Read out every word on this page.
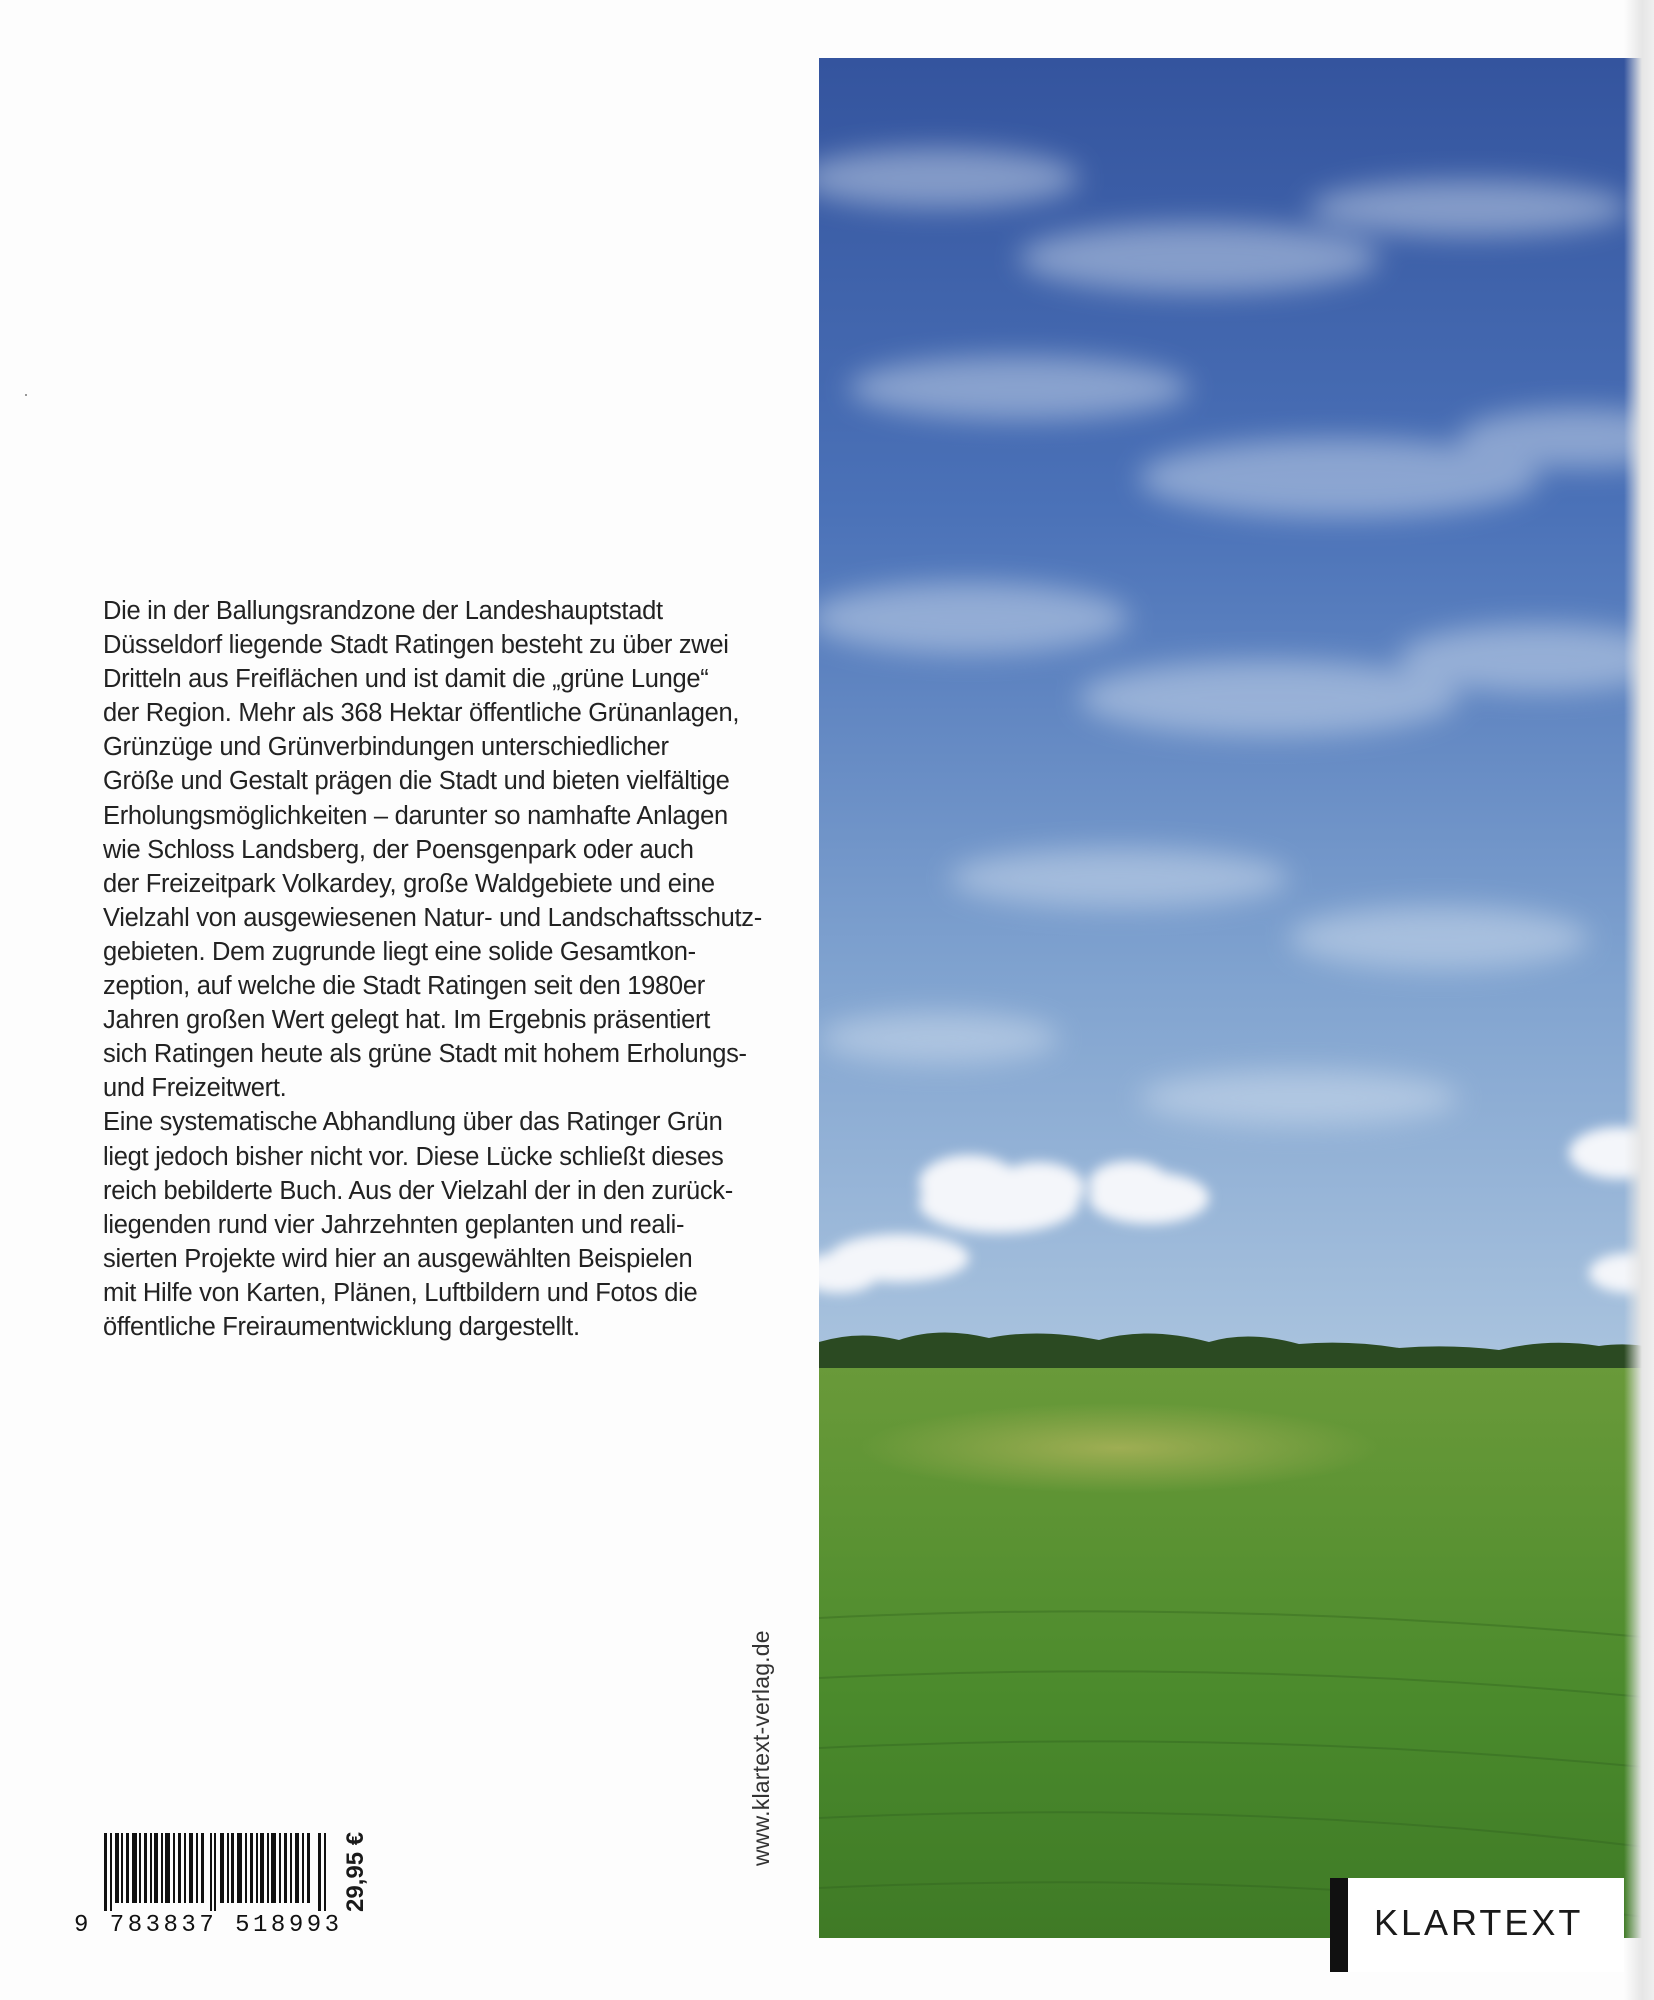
Die in der Ballungsrandzone der Landeshauptstadt
Düsseldorf liegende Stadt Ratingen besteht zu über zwei
Dritteln aus Freiflächen und ist damit die „grüne Lunge“
der Region. Mehr als 368 Hektar öffentliche Grünanlagen,
Grünzüge und Grünverbindungen unterschiedlicher
Größe und Gestalt prägen die Stadt und bieten vielfältige
Erholungsmöglichkeiten – darunter so namhafte Anlagen
wie Schloss Landsberg, der Poensgenpark oder auch
der Freizeitpark Volkardey, große Waldgebiete und eine
Vielzahl von ausgewiesenen Natur- und Landschaftsschutz-
gebieten. Dem zugrunde liegt eine solide Gesamtkon-
zeption, auf welche die Stadt Ratingen seit den 1980er
Jahren großen Wert gelegt hat. Im Ergebnis präsentiert
sich Ratingen heute als grüne Stadt mit hohem Erholungs-
und Freizeitwert.
Eine systematische Abhandlung über das Ratinger Grün
liegt jedoch bisher nicht vor. Diese Lücke schließt dieses
reich bebilderte Buch. Aus der Vielzahl der in den zurück-
liegenden rund vier Jahrzehnten geplanten und reali-
sierten Projekte wird hier an ausgewählten Beispielen
mit Hilfe von Karten, Plänen, Luftbildern und Fotos die
öffentliche Freiraumentwicklung dargestellt.
www.klartext-verlag.de
9 783837 518993
29,95 €
KLARTEXT
